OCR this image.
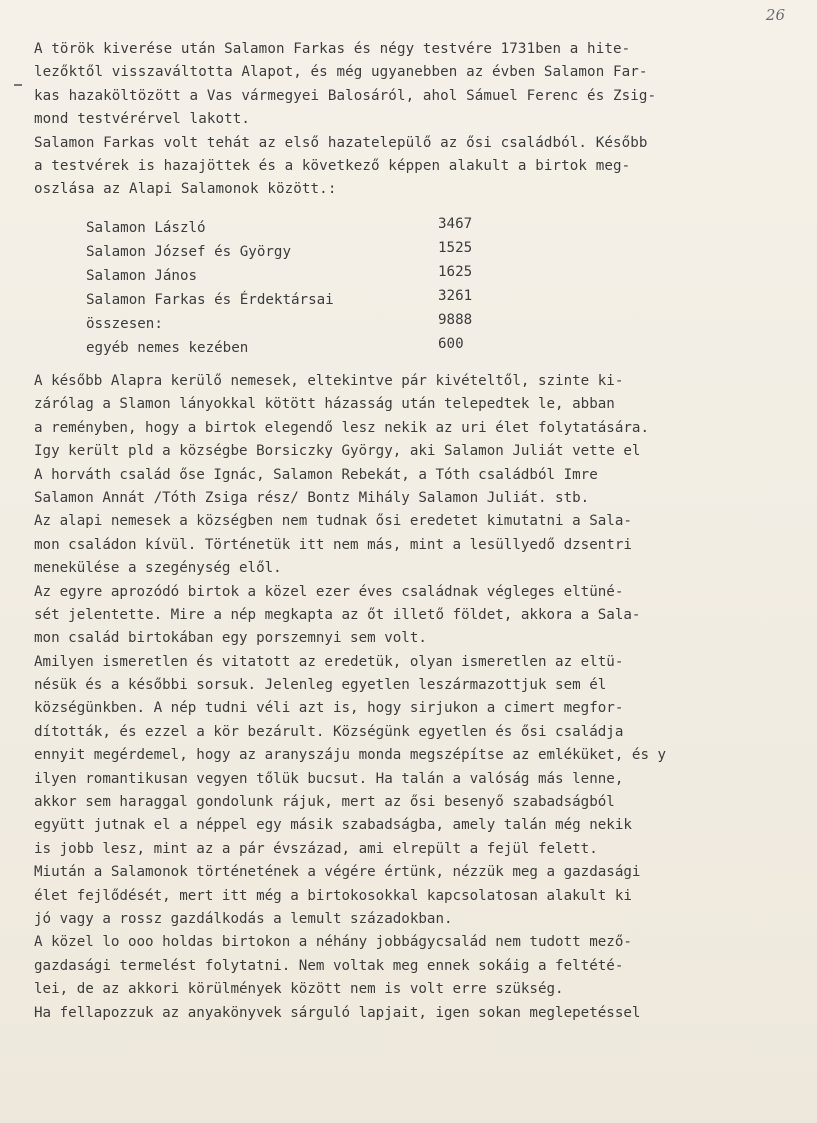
26
A török kiverése után Salamon Farkas és négy testvére 1731ben a hite-
lezőktől visszaváltotta Alapot, és még ugyanebben az évben Salamon Far-
kas hazaköltözött a Vas vármegyei Balosáról, ahol Sámuel Ferenc és Zsig-
mond testvérérvel lakott.
Salamon Farkas volt tehát az első hazatelepülő az ősi családból. Később
a testvérek is hazajöttek és a következő képpen alakult a birtok meg-
oszlása az Alapi Salamonok között.:
Salamon László	3467
Salamon József és György	1525
Salamon János	1625
Salamon Farkas és Érdektársai	3261
összesen:	9888
egyéb nemes kezében	600
A később Alapra kerülő nemesek, eltekintve pár kivételtől, szinte ki-
zárólag a Slamon lányokkal kötött házasság után telepedtek le, abban
a reményben, hogy a birtok elegendő lesz nekik az uri élet folytatására.
Igy került pld a községbe Borsiczky György, aki Salamon Juliát vette el
A horváth család őse Ignác, Salamon Rebekát, a Tóth családból Imre
Salamon Annát /Tóth Zsiga rész/ Bontz Mihály Salamon Juliát. stb.
Az alapi nemesek a községben nem tudnak ősi eredetet kimutatni a Sala-
mon családon kívül. Történetük itt nem más, mint a lesüllyedő dzsentri
menekülése a szegénység elől.
Az egyre aprozódó birtok a közel ezer éves családnak végleges eltüné-
sét jelentette. Mire a nép megkapta az őt illető földet, akkora a Sala-
mon család birtokában egy porszemnyi sem volt.
Amilyen ismeretlen és vitatott az eredetük, olyan ismeretlen az eltü-
nésük és a későbbi sorsuk. Jelenleg egyetlen leszármazottjuk sem él
községünkben. A nép tudni véli azt is, hogy sirjukon a cimert megfor-
dították, és ezzel a kör bezárult. Községünk egyetlen és ősi családja
ennyit megérdemel, hogy az aranyszáju monda megszépítse az emléküket, és y
ilyen romantikusan vegyen tőlük bucsut. Ha talán a valóság más lenne,
akkor sem haraggal gondolunk rájuk, mert az ősi besenyő szabadságból
együtt jutnak el a néppel egy másik szabadságba, amely talán még nekik
is jobb lesz, mint az a pár évszázad, ami elrepült a fejül felett.
Miután a Salamonok történetének a végére értünk, nézzük meg a gazdasági
élet fejlődését, mert itt még a birtokosokkal kapcsolatosan alakult ki
jó vagy a rossz gazdálkodás a lemult századokban.
A közel lo ooo holdas birtokon a néhány jobbágycsalád nem tudott mező-
gazdasági termelést folytatni. Nem voltak meg ennek sokáig a feltété-
lei, de az akkori körülmények között nem is volt erre szükség.
Ha fellapozzuk az anyakönyvek sárguló lapjait, igen sokan meglepetéssel
